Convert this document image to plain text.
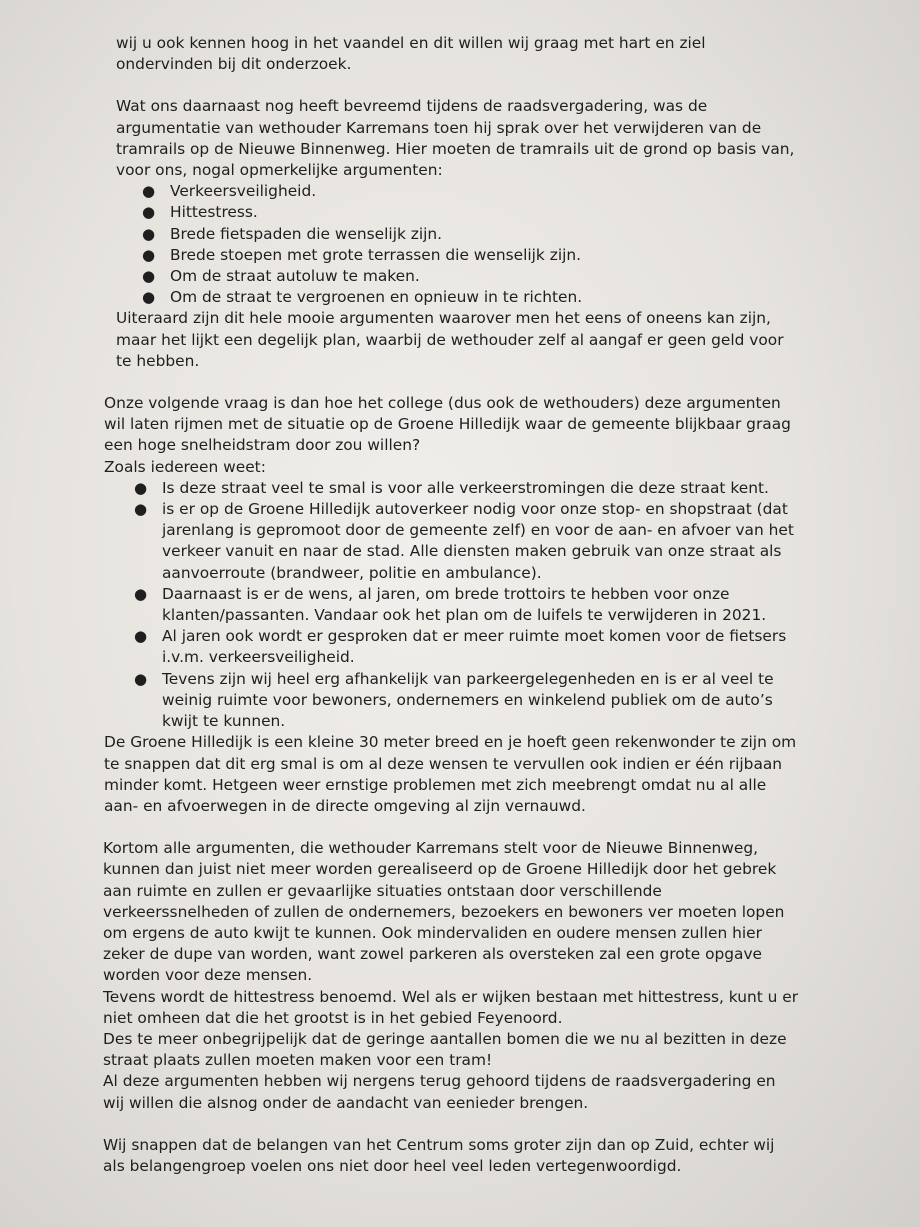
wij u ook kennen hoog in het vaandel en dit willen wij graag met hart en ziel ondervinden bij dit onderzoek.

Wat ons daarnaast nog heeft bevreemd tijdens de raadsvergadering, was de argumentatie van wethouder Karremans toen hij sprak over het verwijderen van de tramrails op de Nieuwe Binnenweg. Hier moeten de tramrails uit de grond op basis van, voor ons, nogal opmerkelijke argumenten:

● Verkeersveiligheid.
● Hittestress.
● Brede fietspaden die wenselijk zijn.
● Brede stoepen met grote terrassen die wenselijk zijn.
● Om de straat autoluw te maken.
● Om de straat te vergroenen en opnieuw in te richten.

Uiteraard zijn dit hele mooie argumenten waarover men het eens of oneens kan zijn, maar het lijkt een degelijk plan, waarbij de wethouder zelf al aangaf er geen geld voor te hebben.

Onze volgende vraag is dan hoe het college (dus ook de wethouders) deze argumenten wil laten rijmen met de situatie op de Groene Hilledijk waar de gemeente blijkbaar graag een hoge snelheidstram door zou willen?

Zoals iedereen weet:

● Is deze straat veel te smal is voor alle verkeerstromingen die deze straat kent.
● is er op de Groene Hilledijk autoverkeer nodig voor onze stop- en shopstraat (dat jarenlang is gepromoot door de gemeente zelf) en voor de aan- en afvoer van het verkeer vanuit en naar de stad. Alle diensten maken gebruik van onze straat als aanvoerroute (brandweer, politie en ambulance).
● Daarnaast is er de wens, al jaren, om brede trottoirs te hebben voor onze klanten/passanten. Vandaar ook het plan om de luifels te verwijderen in 2021.
● Al jaren ook wordt er gesproken dat er meer ruimte moet komen voor de fietsers i.v.m. verkeersveiligheid.
● Tevens zijn wij heel erg afhankelijk van parkeergelegenheden en is er al veel te weinig ruimte voor bewoners, ondernemers en winkelend publiek om de auto’s kwijt te kunnen.

De Groene Hilledijk is een kleine 30 meter breed en je hoeft geen rekenwonder te zijn om te snappen dat dit erg smal is om al deze wensen te vervullen ook indien er één rijbaan minder komt. Hetgeen weer ernstige problemen met zich meebrengt omdat nu al alle aan- en afvoerwegen in de directe omgeving al zijn vernauwd.

Kortom alle argumenten, die wethouder Karremans stelt voor de Nieuwe Binnenweg, kunnen dan juist niet meer worden gerealiseerd op de Groene Hilledijk door het gebrek aan ruimte en zullen er gevaarlijke situaties ontstaan door verschillende verkeerssnelheden of zullen de ondernemers, bezoekers en bewoners ver moeten lopen om ergens de auto kwijt te kunnen. Ook mindervaliden en oudere mensen zullen hier zeker de dupe van worden, want zowel parkeren als oversteken zal een grote opgave worden voor deze mensen.

Tevens wordt de hittestress benoemd. Wel als er wijken bestaan met hittestress, kunt u er niet omheen dat die het grootst is in het gebied Feyenoord.

Des te meer onbegrijpelijk dat de geringe aantallen bomen die we nu al bezitten in deze straat plaats zullen moeten maken voor een tram!

Al deze argumenten hebben wij nergens terug gehoord tijdens de raadsvergadering en wij willen die alsnog onder de aandacht van eenieder brengen.

Wij snappen dat de belangen van het Centrum soms groter zijn dan op Zuid, echter wij als belangengroep voelen ons niet door heel veel leden vertegenwoordigd.
